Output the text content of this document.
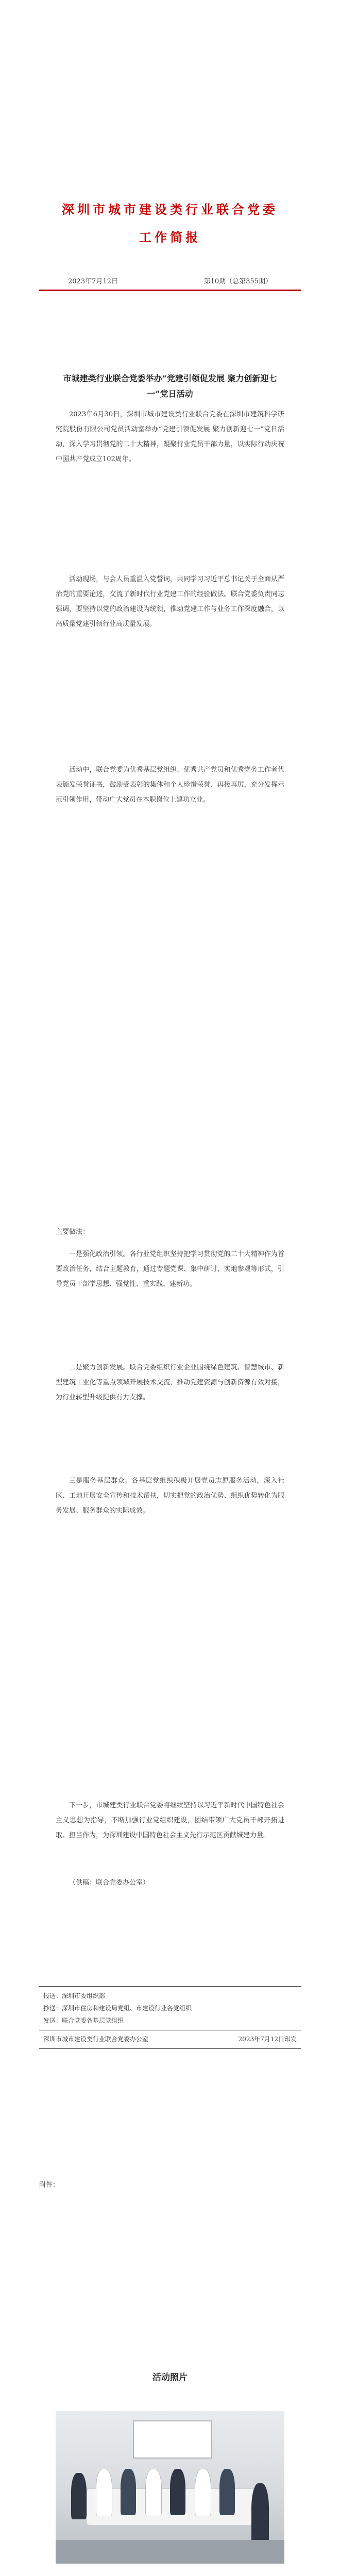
深圳市城市建设类行业联合党委
工作简报
2023年7月12日	第10期（总第355期）
市城建类行业联合党委举办“党建引领促发展 聚力创新迎七一”党日活动
2023年6月30日，深圳市城市建设类行业联合党委在深圳市建筑科学研究院股份有限公司党员活动室举办“党建引领促发展 聚力创新迎七一”党日活动，深入学习贯彻党的二十大精神，凝聚行业党员干部力量，以实际行动庆祝中国共产党成立102周年。
活动现场，与会人员重温入党誓词，共同学习习近平总书记关于全面从严治党的重要论述，交流了新时代行业党建工作的经验做法。联合党委负责同志强调，要坚持以党的政治建设为统领，推动党建工作与业务工作深度融合，以高质量党建引领行业高质量发展。
活动中，联合党委为优秀基层党组织、优秀共产党员和优秀党务工作者代表颁发荣誉证书，鼓励受表彰的集体和个人珍惜荣誉、再接再厉，充分发挥示范引领作用，带动广大党员在本职岗位上建功立业。
主要做法：
一是强化政治引领。各行业党组织坚持把学习贯彻党的二十大精神作为首要政治任务，结合主题教育，通过专题党课、集中研讨、实地参观等形式，引导党员干部学思想、强党性、重实践、建新功。
二是聚力创新发展。联合党委组织行业企业围绕绿色建筑、智慧城市、新型建筑工业化等重点领域开展技术交流，推动党建资源与创新资源有效对接，为行业转型升级提供有力支撑。
三是服务基层群众。各基层党组织积极开展党员志愿服务活动，深入社区、工地开展安全宣传和技术帮扶，切实把党的政治优势、组织优势转化为服务发展、服务群众的实际成效。
下一步，市城建类行业联合党委将继续坚持以习近平新时代中国特色社会主义思想为指导，不断加强行业党组织建设，团结带领广大党员干部开拓进取、担当作为，为深圳建设中国特色社会主义先行示范区贡献城建力量。
（供稿：联合党委办公室）
报送：深圳市委组织部
抄送：深圳市住房和建设局党组、市建设行业各党组织
发送：联合党委各基层党组织
深圳市城市建设类行业联合党委办公室	2023年7月12日印发
附件：
活动照片
